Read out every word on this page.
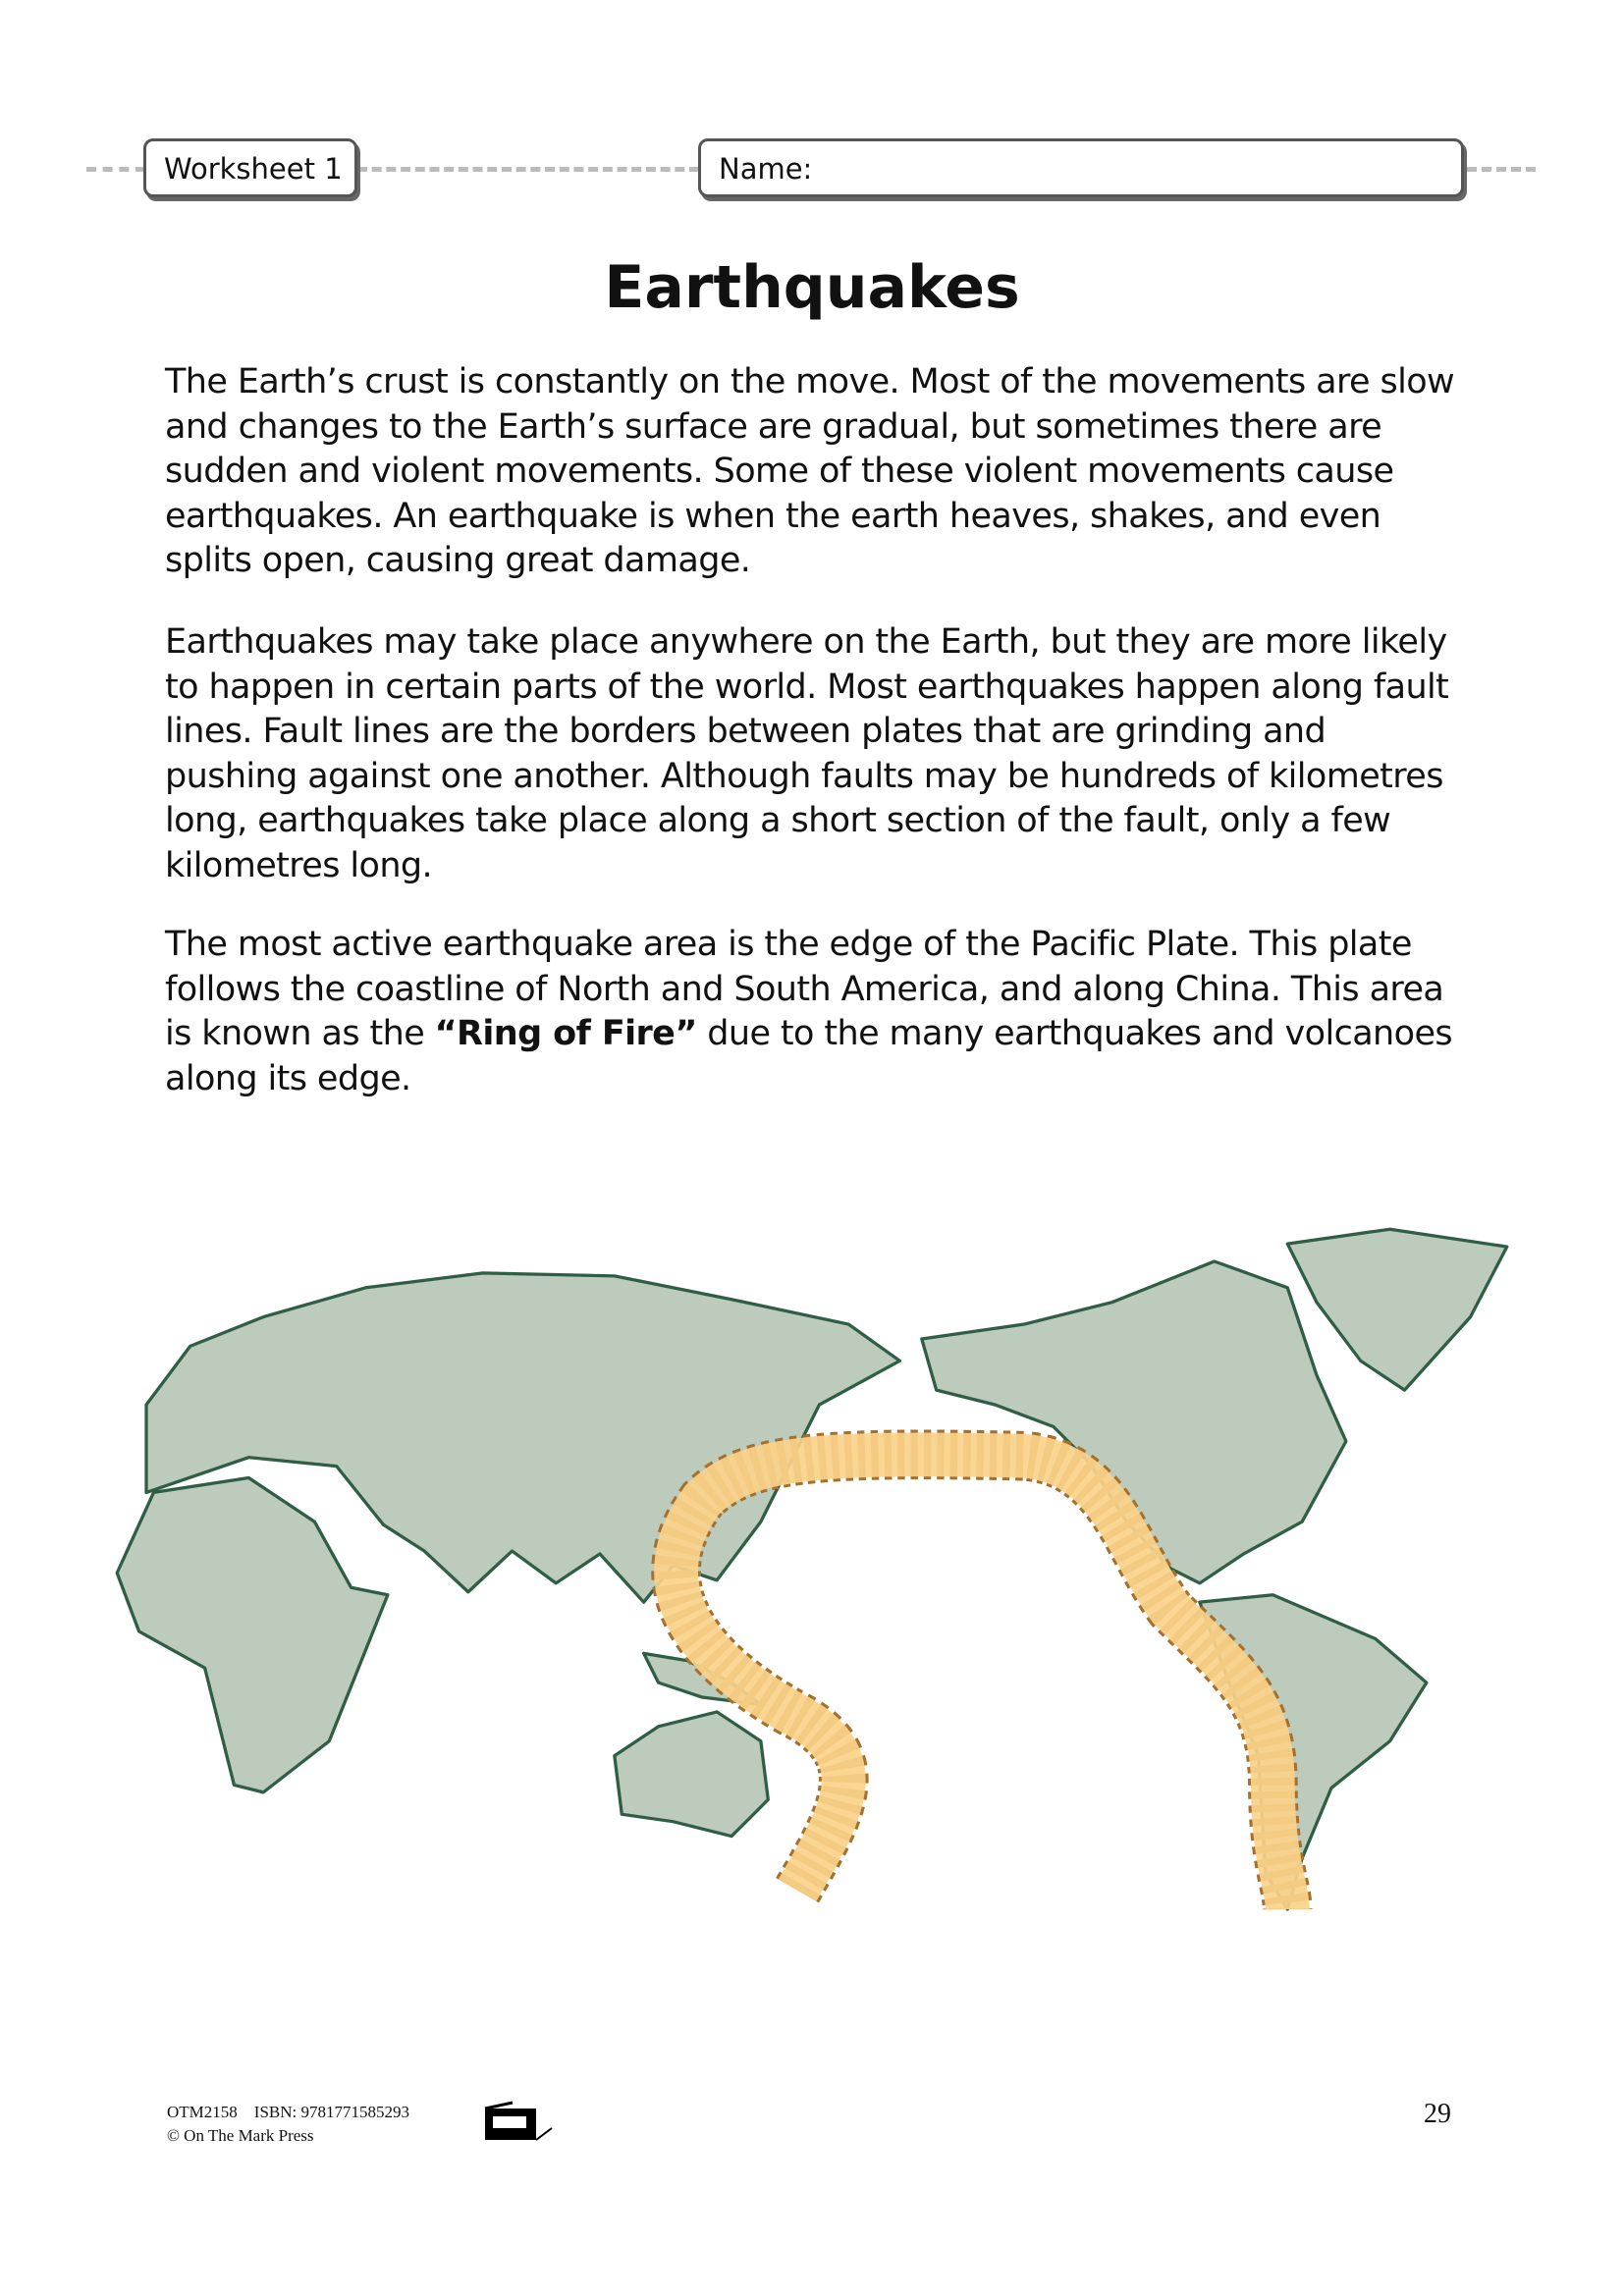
Worksheet 1	Name:
Earthquakes

The Earth’s crust is constantly on the move. Most of the movements are slow and changes to the Earth’s surface are gradual, but sometimes there are sudden and violent movements. Some of these violent movements cause earthquakes. An earthquake is when the earth heaves, shakes, and even splits open, causing great damage.

Earthquakes may take place anywhere on the Earth, but they are more likely to happen in certain parts of the world. Most earthquakes happen along fault lines. Fault lines are the borders between plates that are grinding and pushing against one another. Although faults may be hundreds of kilometres long, earthquakes take place along a short section of the fault, only a few kilometres long.

The most active earthquake area is the edge of the Pacific Plate. This plate follows the coastline of North and South America, and along China. This area is known as the “Ring of Fire” due to the many earthquakes and volcanoes along its edge.

OTM2158    ISBN: 9781771585293
© On The Mark Press
29
